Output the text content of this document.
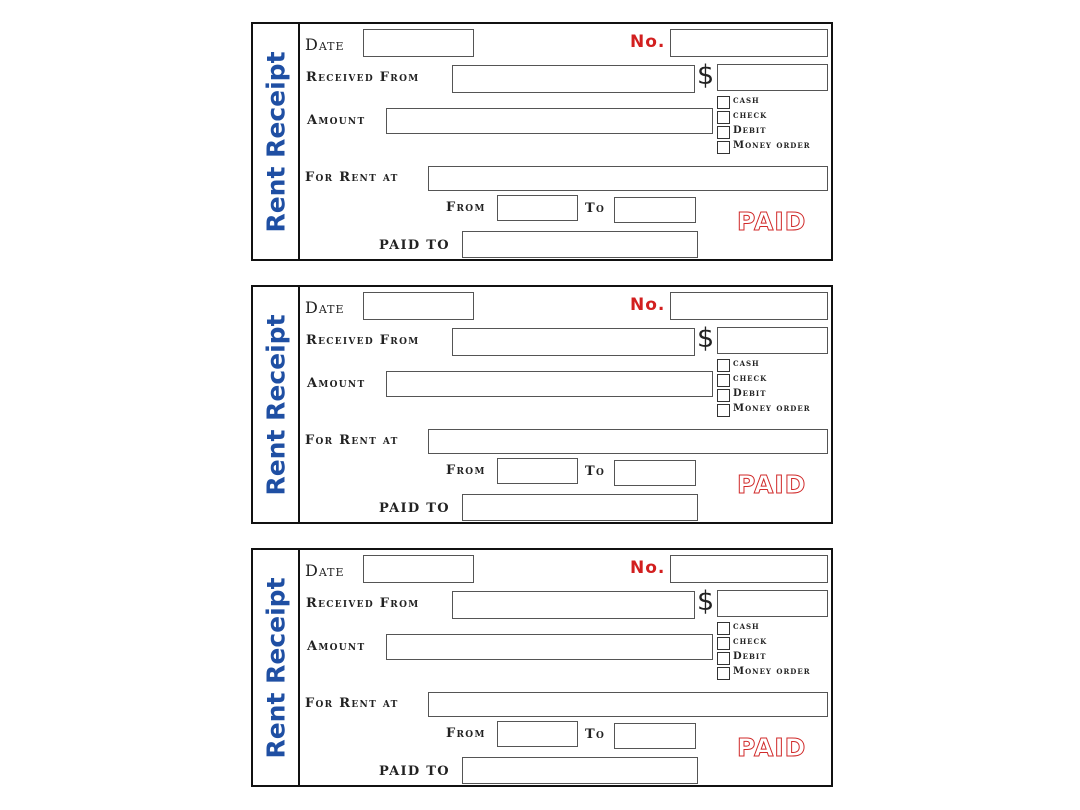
Rent Receipt
Date	No.
Received From	$
Amount
cash
check
Debit
Money order
For Rent at
From	To	PAID
PAID TO
Rent Receipt
Date	No.
Received From	$
Amount
cash
check
Debit
Money order
For Rent at
From	To	PAID
PAID TO
Rent Receipt
Date	No.
Received From	$
Amount
cash
check
Debit
Money order
For Rent at
From	To	PAID
PAID TO
